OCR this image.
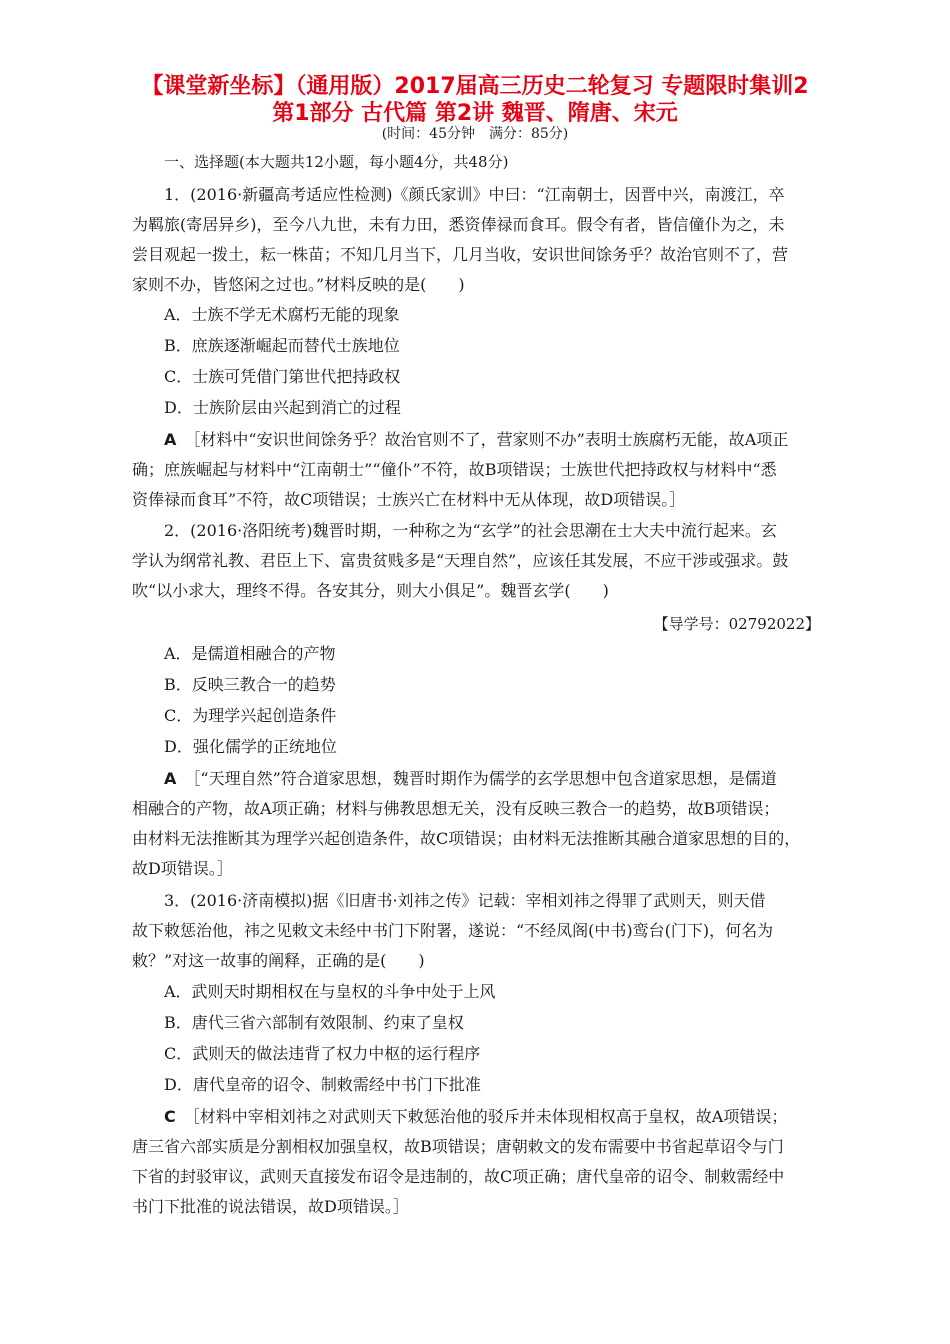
【课堂新坐标】（通用版）2017届高三历史二轮复习 专题限时集训2
第1部分 古代篇 第2讲 魏晋、隋唐、宋元
(时间：45分钟　满分：85分)
一、选择题(本大题共12小题，每小题4分，共48分)
1．(2016·新疆高考适应性检测)《颜氏家训》中曰：“江南朝士，因晋中兴，南渡江，卒
为羁旅(寄居异乡)，至今八九世，未有力田，悉资俸禄而食耳。假令有者，皆信僮仆为之，未
尝目观起一拨土，耘一株苗；不知几月当下，几月当收，安识世间馀务乎？故治官则不了，营
家则不办，皆悠闲之过也。”材料反映的是(　　)
A．士族不学无术腐朽无能的现象
B．庶族逐渐崛起而替代士族地位
C．士族可凭借门第世代把持政权
D．士族阶层由兴起到消亡的过程
A　 ［材料中“安识世间馀务乎？故治官则不了，营家则不办”表明士族腐朽无能，故A项正
确；庶族崛起与材料中“江南朝士”“僮仆”不符，故B项错误；士族世代把持政权与材料中“悉
资俸禄而食耳”不符，故C项错误；士族兴亡在材料中无从体现，故D项错误。］
2．(2016·洛阳统考)魏晋时期，一种称之为“玄学”的社会思潮在士大夫中流行起来。玄
学认为纲常礼教、君臣上下、富贵贫贱多是“天理自然”，应该任其发展，不应干涉或强求。鼓
吹“以小求大，理终不得。各安其分，则大小俱足”。魏晋玄学(　　)
【导学号：02792022】
A．是儒道相融合的产物
B．反映三教合一的趋势
C．为理学兴起创造条件
D．强化儒学的正统地位
A　 ［“天理自然”符合道家思想，魏晋时期作为儒学的玄学思想中包含道家思想，是儒道
相融合的产物，故A项正确；材料与佛教思想无关，没有反映三教合一的趋势，故B项错误；
由材料无法推断其为理学兴起创造条件，故C项错误；由材料无法推断其融合道家思想的目的，
故D项错误。］
3．(2016·济南模拟)据《旧唐书·刘祎之传》记载：宰相刘祎之得罪了武则天，则天借
故下敕惩治他，祎之见敕文未经中书门下附署，遂说：“不经凤阁(中书)鸾台(门下)，何名为
敕？”对这一故事的阐释，正确的是(　　)
A．武则天时期相权在与皇权的斗争中处于上风
B．唐代三省六部制有效限制、约束了皇权
C．武则天的做法违背了权力中枢的运行程序
D．唐代皇帝的诏令、制敕需经中书门下批准
C　 ［材料中宰相刘祎之对武则天下敕惩治他的驳斥并未体现相权高于皇权，故A项错误；
唐三省六部实质是分割相权加强皇权，故B项错误；唐朝敕文的发布需要中书省起草诏令与门
下省的封驳审议，武则天直接发布诏令是违制的，故C项正确；唐代皇帝的诏令、制敕需经中
书门下批准的说法错误，故D项错误。］
